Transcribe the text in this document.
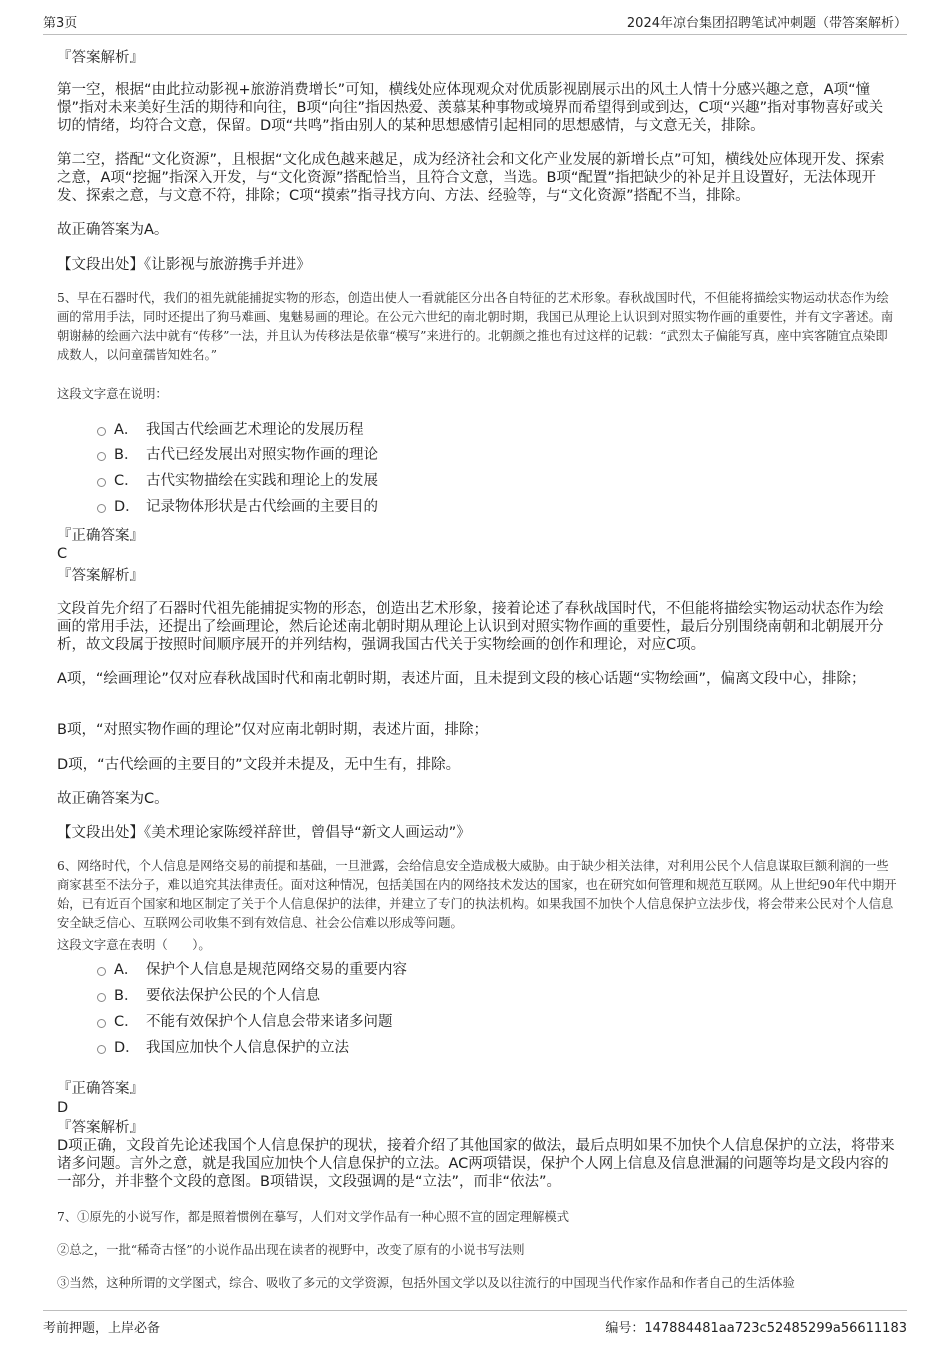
第3页	2024年凉台集团招聘笔试冲刺题（带答案解析）
『答案解析』
第一空，根据“由此拉动影视+旅游消费增长”可知，横线处应体现观众对优质影视剧展示出的风土人情十分感兴趣之意，A项“憧憬”指对未来美好生活的期待和向往，B项“向往”指因热爱、羡慕某种事物或境界而希望得到或到达，C项“兴趣”指对事物喜好或关切的情绪，均符合文意，保留。D项“共鸣”指由别人的某种思想感情引起相同的思想感情，与文意无关，排除。
第二空，搭配“文化资源”，且根据“文化成色越来越足，成为经济社会和文化产业发展的新增长点”可知，横线处应体现开发、探索之意，A项“挖掘”指深入开发，与“文化资源”搭配恰当，且符合文意，当选。B项“配置”指把缺少的补足并且设置好，无法体现开发、探索之意，与文意不符，排除；C项“摸索”指寻找方向、方法、经验等，与“文化资源”搭配不当，排除。
故正确答案为A。
【文段出处】《让影视与旅游携手并进》
5、早在石器时代，我们的祖先就能捕捉实物的形态，创造出使人一看就能区分出各自特征的艺术形象。春秋战国时代，不但能将描绘实物运动状态作为绘画的常用手法，同时还提出了狗马难画、鬼魅易画的理论。在公元六世纪的南北朝时期，我国已从理论上认识到对照实物作画的重要性，并有文字著述。南朝谢赫的绘画六法中就有“传移”一法，并且认为传移法是依靠“模写”来进行的。北朝颜之推也有过这样的记载：“武烈太子偏能写真，座中宾客随宜点染即成数人，以问童孺皆知姓名。”
这段文字意在说明：
A． 我国古代绘画艺术理论的发展历程
B． 古代已经发展出对照实物作画的理论
C． 古代实物描绘在实践和理论上的发展
D． 记录物体形状是古代绘画的主要目的
『正确答案』
C
『答案解析』
文段首先介绍了石器时代祖先能捕捉实物的形态，创造出艺术形象，接着论述了春秋战国时代，不但能将描绘实物运动状态作为绘画的常用手法，还提出了绘画理论，然后论述南北朝时期从理论上认识到对照实物作画的重要性，最后分别围绕南朝和北朝展开分析，故文段属于按照时间顺序展开的并列结构，强调我国古代关于实物绘画的创作和理论，对应C项。
A项，“绘画理论”仅对应春秋战国时代和南北朝时期，表述片面，且未提到文段的核心话题“实物绘画”，偏离文段中心，排除；
B项，“对照实物作画的理论”仅对应南北朝时期，表述片面，排除；
D项，“古代绘画的主要目的”文段并未提及，无中生有，排除。
故正确答案为C。
【文段出处】《美术理论家陈绶祥辞世，曾倡导“新文人画运动”》
6、网络时代，个人信息是网络交易的前提和基础，一旦泄露，会给信息安全造成极大威胁。由于缺少相关法律，对利用公民个人信息谋取巨额利润的一些商家甚至不法分子，难以追究其法律责任。面对这种情况，包括美国在内的网络技术发达的国家，也在研究如何管理和规范互联网。从上世纪90年代中期开始，已有近百个国家和地区制定了关于个人信息保护的法律，并建立了专门的执法机构。如果我国不加快个人信息保护立法步伐，将会带来公民对个人信息安全缺乏信心、互联网公司收集不到有效信息、社会公信难以形成等问题。
这段文字意在表明（　　）。
A． 保护个人信息是规范网络交易的重要内容
B． 要依法保护公民的个人信息
C． 不能有效保护个人信息会带来诸多问题
D． 我国应加快个人信息保护的立法
『正确答案』
D
『答案解析』
D项正确，文段首先论述我国个人信息保护的现状，接着介绍了其他国家的做法，最后点明如果不加快个人信息保护的立法，将带来诸多问题。言外之意，就是我国应加快个人信息保护的立法。AC两项错误，保护个人网上信息及信息泄漏的问题等均是文段内容的一部分，并非整个文段的意图。B项错误，文段强调的是“立法”，而非“依法”。
7、①原先的小说写作，都是照着惯例在摹写，人们对文学作品有一种心照不宣的固定理解模式
②总之，一批“稀奇古怪”的小说作品出现在读者的视野中，改变了原有的小说书写法则
③当然，这种所谓的文学图式，综合、吸收了多元的文学资源，包括外国文学以及以往流行的中国现当代作家作品和作者自己的生活体验
考前押题，上岸必备	编号：147884481aa723c52485299a56611183
